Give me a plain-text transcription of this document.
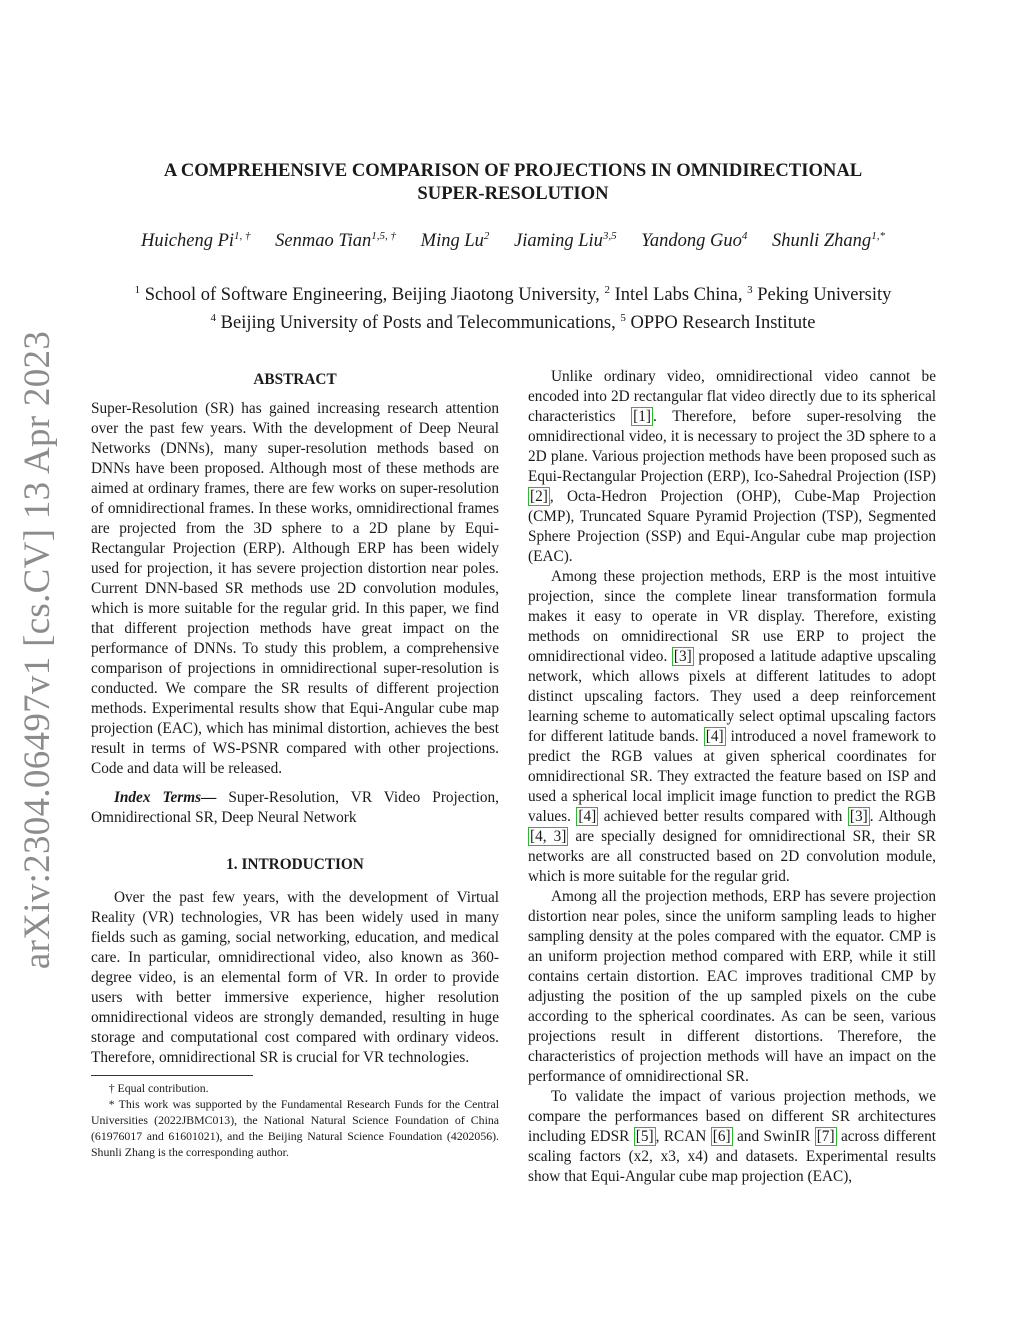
arXiv:2304.06497v1 [cs.CV] 13 Apr 2023
A COMPREHENSIVE COMPARISON OF PROJECTIONS IN OMNIDIRECTIONAL
SUPER-RESOLUTION
Huicheng $Pi^{1, \dagger}$ Senmao Tian$^{1,5, \dagger}$ Ming Lu$^2$ Jiaming Liu$^{3,5}$ Yandong Guo$^4$ Shunli Zhang$^{1,*}$
$^1$ School of Software Engineering, Beijing Jiaotong University, $^2$ Intel Labs China, $^3$ Peking University
$^4$ Beijing University of Posts and Telecommunications, $^5$ OPPO Research Institute
ABSTRACT

Super-Resolution (SR) has gained increasing research attention over the past few years. With the development of Deep Neural Networks (DNNs), many super-resolution methods based on DNNs have been proposed. Although most of these methods are aimed at ordinary frames, there are few works on super-resolution of omnidirectional frames. In these works, omnidirectional frames are projected from the 3D sphere to a 2D plane by Equi-Rectangular Projection (ERP). Although ERP has been widely used for projection, it has severe projection distortion near poles. Current DNN-based SR methods use 2D convolution modules, which is more suitable for the regular grid. In this paper, we find that different projection methods have great impact on the performance of DNNs. To study this problem, a comprehensive comparison of projections in omnidirectional super-resolution is conducted. We compare the SR results of different projection methods. Experimental results show that Equi-Angular cube map projection (EAC), which has minimal distortion, achieves the best result in terms of WS-PSNR compared with other projections. Code and data will be released.

Index Terms— Super-Resolution, VR Video Projection, Omnidirectional SR, Deep Neural Network

1. INTRODUCTION

Over the past few years, with the development of Virtual Reality (VR) technologies, VR has been widely used in many fields such as gaming, social networking, education, and medical care. In particular, omnidirectional video, also known as 360-degree video, is an elemental form of VR. In order to provide users with better immersive experience, higher resolution omnidirectional videos are strongly demanded, resulting in huge storage and computational cost compared with ordinary videos. Therefore, omnidirectional SR is crucial for VR technologies.

† Equal contribution.
* This work was supported by the Fundamental Research Funds for the Central Universities (2022JBMC013), the National Natural Science Foundation of China (61976017 and 61601021), and the Beijing Natural Science Foundation (4202056). Shunli Zhang is the corresponding author.

Unlike ordinary video, omnidirectional video cannot be encoded into 2D rectangular flat video directly due to its spherical characteristics [1] . Therefore, before super-resolving the omnidirectional video, it is necessary to project the 3D sphere to a 2D plane. Various projection methods have been proposed such as Equi-Rectangular Projection (ERP), Ico-Sahedral Projection (ISP) [2] , Octa-Hedron Projection (OHP), Cube-Map Projection (CMP), Truncated Square Pyramid Projection (TSP), Segmented Sphere Projection (SSP) and Equi-Angular cube map projection (EAC).

Among these projection methods, ERP is the most intuitive projection, since the complete linear transformation formula makes it easy to operate in VR display. Therefore, existing methods on omnidirectional SR use ERP to project the omnidirectional video. [3] proposed a latitude adaptive upscaling network, which allows pixels at different latitudes to adopt distinct upscaling factors. They used a deep reinforcement learning scheme to automatically select optimal upscaling factors for different latitude bands. [4] introduced a novel framework to predict the RGB values at given spherical coordinates for omnidirectional SR. They extracted the feature based on ISP and used a spherical local implicit image function to predict the RGB values. [4] achieved better results compared with [3] . Although [4, 3] are specially designed for omnidirectional SR, their SR networks are all constructed based on 2D convolution module, which is more suitable for the regular grid.

Among all the projection methods, ERP has severe projection distortion near poles, since the uniform sampling leads to higher sampling density at the poles compared with the equator. CMP is an uniform projection method compared with ERP, while it still contains certain distortion. EAC improves traditional CMP by adjusting the position of the up sampled pixels on the cube according to the spherical coordinates. As can be seen, various projections result in different distortions. Therefore, the characteristics of projection methods will have an impact on the performance of omnidirectional SR.

To validate the impact of various projection methods, we compare the performances based on different SR architectures including EDSR [5] , RCAN [6] and SwinIR [7] across different scaling factors (x2, x3, x4) and datasets. Experimental results show that Equi-Angular cube map projection (EAC),
